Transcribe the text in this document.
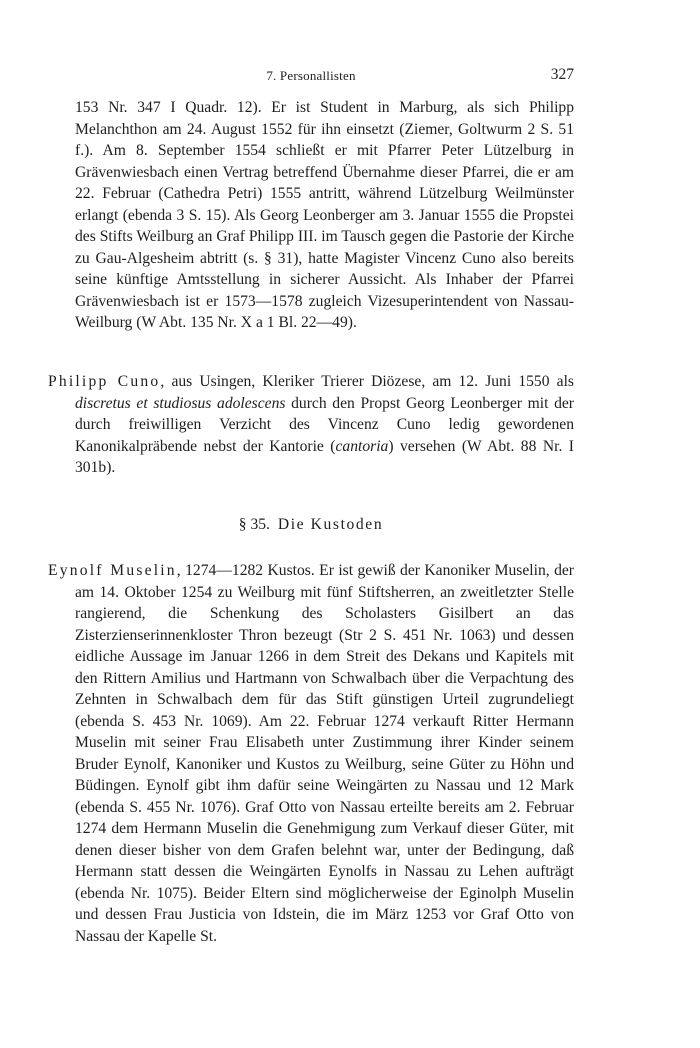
7. Personallisten	327
153 Nr. 347 I Quadr. 12). Er ist Student in Marburg, als sich Philipp Melanchthon am 24. August 1552 für ihn einsetzt (Ziemer, Goltwurm 2 S. 51 f.). Am 8. September 1554 schließt er mit Pfarrer Peter Lützelburg in Grävenwiesbach einen Vertrag betreffend Übernahme dieser Pfarrei, die er am 22. Februar (Cathedra Petri) 1555 antritt, während Lützelburg Weilmünster erlangt (ebenda 3 S. 15). Als Georg Leonberger am 3. Januar 1555 die Propstei des Stifts Weilburg an Graf Philipp III. im Tausch gegen die Pastorie der Kirche zu Gau-Algesheim abtritt (s. § 31), hatte Magister Vincenz Cuno also bereits seine künftige Amtsstellung in sicherer Aussicht. Als Inhaber der Pfarrei Grävenwiesbach ist er 1573—1578 zugleich Vizesuperintendent von Nassau-Weilburg (W Abt. 135 Nr. X a 1 Bl. 22—49).
Philipp Cuno, aus Usingen, Kleriker Trierer Diözese, am 12. Juni 1550 als discretus et studiosus adolescens durch den Propst Georg Leonberger mit der durch freiwilligen Verzicht des Vincenz Cuno ledig gewordenen Kanonikalpräbende nebst der Kantorie (cantoria) versehen (W Abt. 88 Nr. I 301b).
§ 35. Die Kustoden
Eynolf Muselin, 1274—1282 Kustos. Er ist gewiß der Kanoniker Muselin, der am 14. Oktober 1254 zu Weilburg mit fünf Stiftsherren, an zweitletzter Stelle rangierend, die Schenkung des Scholasters Gisilbert an das Zisterzienserinnenkloster Thron bezeugt (Str 2 S. 451 Nr. 1063) und dessen eidliche Aussage im Januar 1266 in dem Streit des Dekans und Kapitels mit den Rittern Amilius und Hartmann von Schwalbach über die Verpachtung des Zehnten in Schwalbach dem für das Stift günstigen Urteil zugrundeliegt (ebenda S. 453 Nr. 1069). Am 22. Februar 1274 verkauft Ritter Hermann Muselin mit seiner Frau Elisabeth unter Zustimmung ihrer Kinder seinem Bruder Eynolf, Kanoniker und Kustos zu Weilburg, seine Güter zu Höhn und Büdingen. Eynolf gibt ihm dafür seine Weingärten zu Nassau und 12 Mark (ebenda S. 455 Nr. 1076). Graf Otto von Nassau erteilte bereits am 2. Februar 1274 dem Hermann Muselin die Genehmigung zum Verkauf dieser Güter, mit denen dieser bisher von dem Grafen belehnt war, unter der Bedingung, daß Hermann statt dessen die Weingärten Eynolfs in Nassau zu Lehen aufträgt (ebenda Nr. 1075). Beider Eltern sind möglicherweise der Eginolph Muselin und dessen Frau Justicia von Idstein, die im März 1253 vor Graf Otto von Nassau der Kapelle St.
